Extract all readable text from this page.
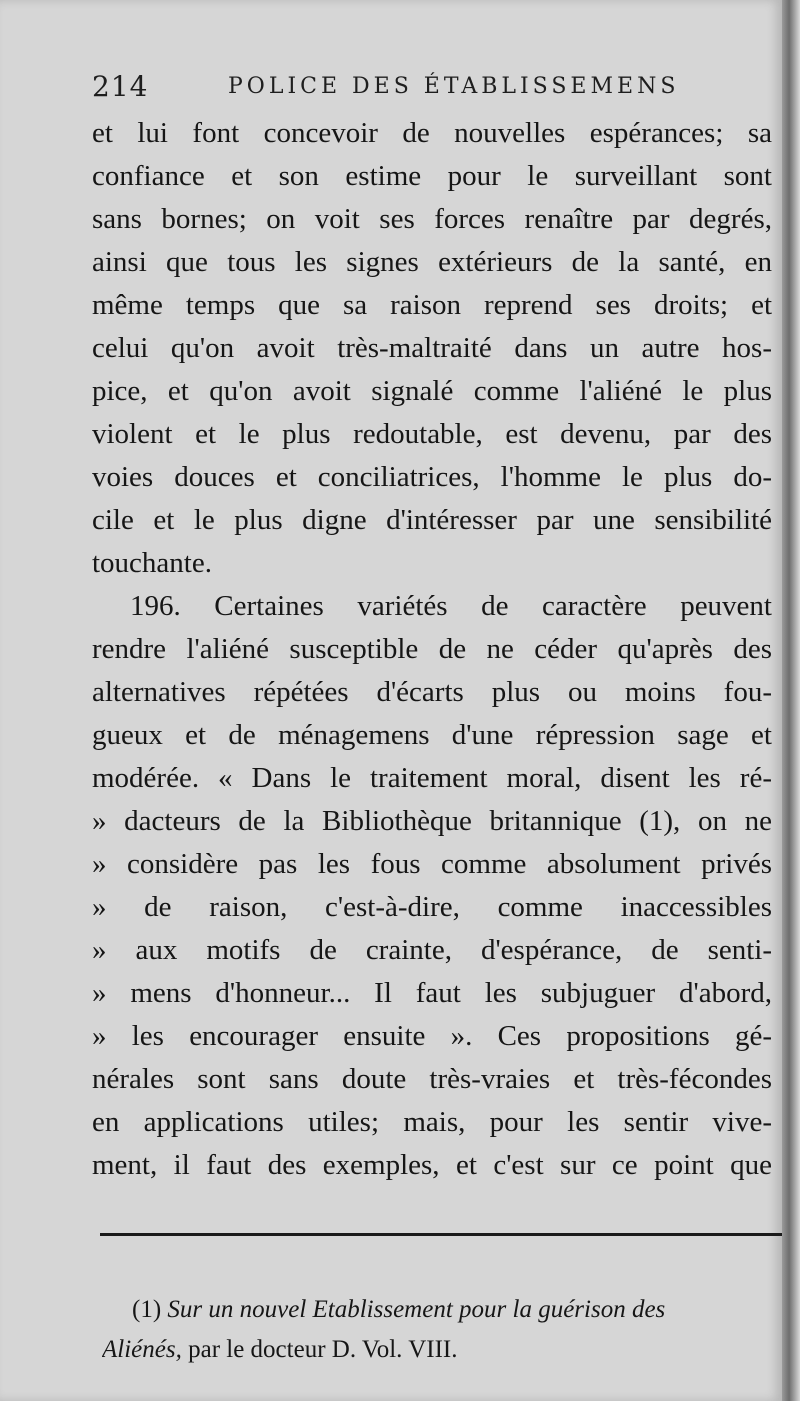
214	POLICE DES ÉTABLISSEMENS
et lui font concevoir de nouvelles espérances; sa
confiance et son estime pour le surveillant sont
sans bornes; on voit ses forces renaître par degrés,
ainsi que tous les signes extérieurs de la santé, en
même temps que sa raison reprend ses droits; et
celui qu'on avoit très-maltraité dans un autre hos-
pice, et qu'on avoit signalé comme l'aliéné le plus
violent et le plus redoutable, est devenu, par des
voies douces et conciliatrices, l'homme le plus do-
cile et le plus digne d'intéresser par une sensibilité
touchante.
196. Certaines variétés de caractère peuvent
rendre l'aliéné susceptible de ne céder qu'après des
alternatives répétées d'écarts plus ou moins fou-
gueux et de ménagemens d'une répression sage et
modérée. « Dans le traitement moral, disent les ré-
» dacteurs de la Bibliothèque britannique (1), on ne
» considère pas les fous comme absolument privés
» de raison, c'est-à-dire, comme inaccessibles
» aux motifs de crainte, d'espérance, de senti-
» mens d'honneur... Il faut les subjuguer d'abord,
» les encourager ensuite ». Ces propositions gé-
nérales sont sans doute très-vraies et très-fécondes
en applications utiles; mais, pour les sentir vive-
ment, il faut des exemples, et c'est sur ce point que
(1) Sur un nouvel Etablissement pour la guérison des
Aliénés, par le docteur D. Vol. VIII.
